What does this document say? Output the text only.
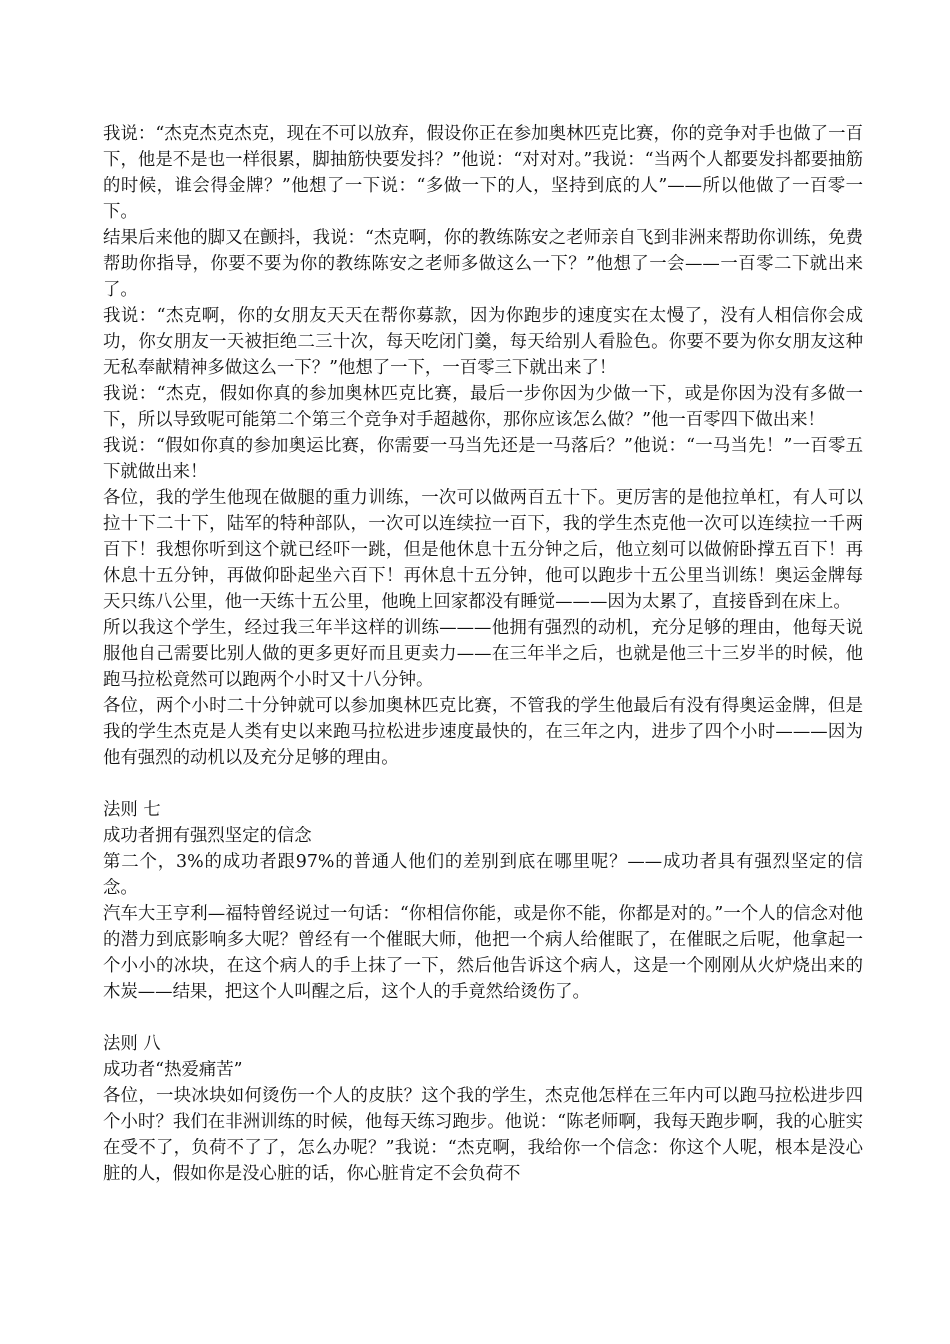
我说：“杰克杰克杰克，现在不可以放弃，假设你正在参加奥林匹克比赛，你的竞争对手也做了一百下，他是不是也一样很累，脚抽筋快要发抖？”他说：“对对对。”我说：“当两个人都要发抖都要抽筋的时候，谁会得金牌？”他想了一下说：“多做一下的人，坚持到底的人”——所以他做了一百零一下。

结果后来他的脚又在颤抖，我说：“杰克啊，你的教练陈安之老师亲自飞到非洲来帮助你训练，免费帮助你指导，你要不要为你的教练陈安之老师多做这么一下？”他想了一会——一百零二下就出来了。

我说：“杰克啊，你的女朋友天天在帮你募款，因为你跑步的速度实在太慢了，没有人相信你会成功，你女朋友一天被拒绝二三十次，每天吃闭门羹，每天给别人看脸色。你要不要为你女朋友这种无私奉献精神多做这么一下？”他想了一下，一百零三下就出来了！

我说：“杰克，假如你真的参加奥林匹克比赛，最后一步你因为少做一下，或是你因为没有多做一下，所以导致呢可能第二个第三个竞争对手超越你，那你应该怎么做？”他一百零四下做出来！

我说：“假如你真的参加奥运比赛，你需要一马当先还是一马落后？”他说：“一马当先！”一百零五下就做出来！

各位，我的学生他现在做腿的重力训练，一次可以做两百五十下。更厉害的是他拉单杠，有人可以拉十下二十下，陆军的特种部队，一次可以连续拉一百下，我的学生杰克他一次可以连续拉一千两百下！我想你听到这个就已经吓一跳，但是他休息十五分钟之后，他立刻可以做俯卧撑五百下！再休息十五分钟，再做仰卧起坐六百下！再休息十五分钟，他可以跑步十五公里当训练！奥运金牌每天只练八公里，他一天练十五公里，他晚上回家都没有睡觉———因为太累了，直接昏到在床上。

所以我这个学生，经过我三年半这样的训练———他拥有强烈的动机，充分足够的理由，他每天说服他自己需要比别人做的更多更好而且更卖力——在三年半之后，也就是他三十三岁半的时候，他跑马拉松竟然可以跑两个小时又十八分钟。

各位，两个小时二十分钟就可以参加奥林匹克比赛，不管我的学生他最后有没有得奥运金牌，但是我的学生杰克是人类有史以来跑马拉松进步速度最快的，在三年之内，进步了四个小时———因为他有强烈的动机以及充分足够的理由。

法则 七

成功者拥有强烈坚定的信念

第二个，3%的成功者跟97%的普通人他们的差别到底在哪里呢？——成功者具有强烈坚定的信念。

汽车大王亨利—福特曾经说过一句话：“你相信你能，或是你不能，你都是对的。”一个人的信念对他的潜力到底影响多大呢？曾经有一个催眠大师，他把一个病人给催眠了，在催眠之后呢，他拿起一个小小的冰块，在这个病人的手上抹了一下，然后他告诉这个病人，这是一个刚刚从火炉烧出来的木炭——结果，把这个人叫醒之后，这个人的手竟然给烫伤了。

法则 八

成功者“热爱痛苦”

各位，一块冰块如何烫伤一个人的皮肤？这个我的学生，杰克他怎样在三年内可以跑马拉松进步四个小时？我们在非洲训练的时候，他每天练习跑步。他说：“陈老师啊，我每天跑步啊，我的心脏实在受不了，负荷不了了，怎么办呢？”我说：“杰克啊，我给你一个信念：你这个人呢，根本是没心脏的人，假如你是没心脏的话，你心脏肯定不会负荷不
